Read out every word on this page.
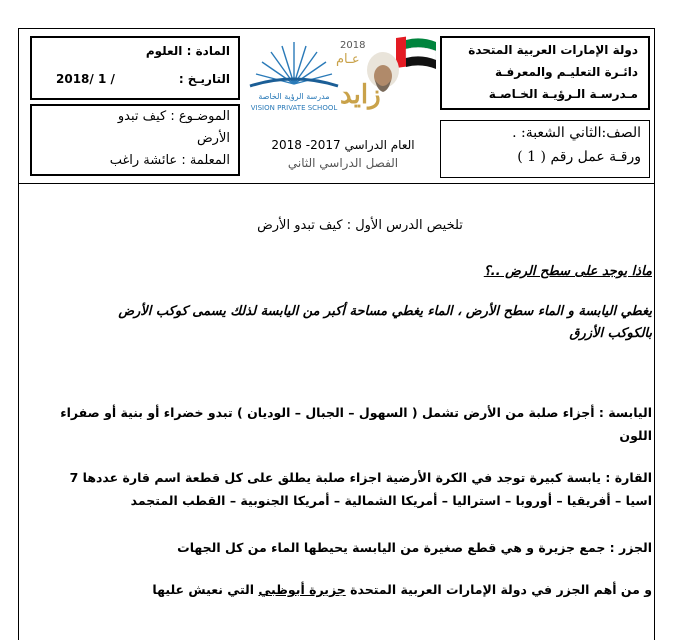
المادة : العلوم
التاريـخ :
2018/ 1 /
دولة الإمارات العربية المتحدة
دائـرة التعليـم والمعرفـة
مـدرسـة الـرؤيـة الخـاصـة
مدرسة الرؤية الخاصة
VISION PRIVATE SCHOOL
2018
عـام
زايد
الموضـوع : كيف تبدو
الأرض
المعلمة : عائشة راغب
العام الدراسي 2017- 2018
الفصل الدراسي الثاني
الصف:الثاني الشعبة: .
ورقـة عمل رقم ( 1 )
تلخيص الدرس الأول : كيف تبدو الأرض
ماذا يوجد على سطح الرض ..؟
يغطي اليابسة و الماء سطح الأرض ، الماء يغطي مساحة أكبر من اليابسة لذلك يسمى كوكب الأرض
بالكوكب الأزرق
اليابسة : أجزاء صلبة من الأرض تشمل ( السهول – الجبال – الوديان ) تبدو خضراء أو بنية أو صفراء
اللون
القارة : يابسة كبيرة توجد في الكرة الأرضية اجزاء صلبة يطلق على كل قطعة اسم قارة عددها 7
اسيا – أفريقيا – أوروبا – استراليا – أمريكا الشمالية – أمريكا الجنوبية – القطب المتجمد
الجزر : جمع جزيرة و هي قطع صغيرة من اليابسة يحيطها الماء من كل الجهات
و من أهم الجزر في دولة الإمارات العربية المتحدة جزيرة أبوظبي التي نعيش عليها
